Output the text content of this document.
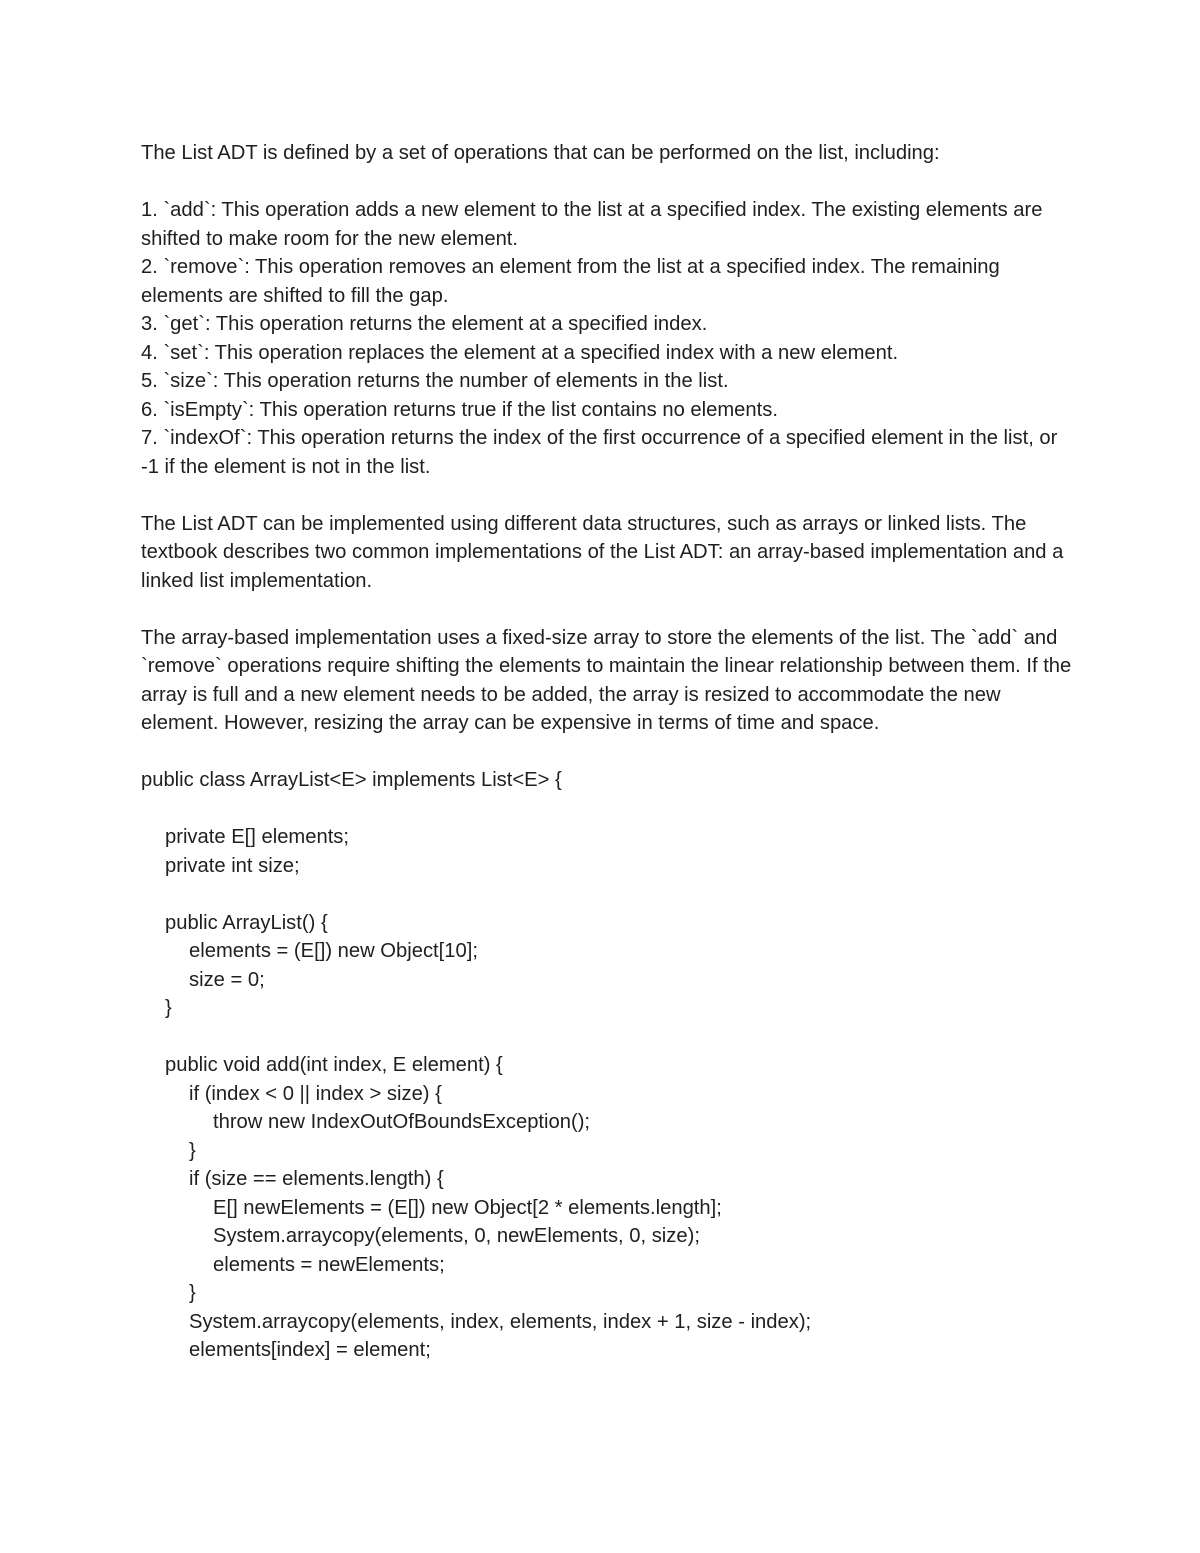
The List ADT is defined by a set of operations that can be performed on the list, including:

1. `add`: This operation adds a new element to the list at a specified index. The existing elements are shifted to make room for the new element.
2. `remove`: This operation removes an element from the list at a specified index. The remaining elements are shifted to fill the gap.
3. `get`: This operation returns the element at a specified index.
4. `set`: This operation replaces the element at a specified index with a new element.
5. `size`: This operation returns the number of elements in the list.
6. `isEmpty`: This operation returns true if the list contains no elements.
7. `indexOf`: This operation returns the index of the first occurrence of a specified element in the list, or -1 if the element is not in the list.

The List ADT can be implemented using different data structures, such as arrays or linked lists. The textbook describes two common implementations of the List ADT: an array-based implementation and a linked list implementation.

The array-based implementation uses a fixed-size array to store the elements of the list. The `add` and `remove` operations require shifting the elements to maintain the linear relationship between them. If the array is full and a new element needs to be added, the array is resized to accommodate the new element. However, resizing the array can be expensive in terms of time and space.

public class ArrayList<E> implements List<E> {
private E[] elements;
private int size;
public ArrayList() {
elements = (E[]) new Object[10];
size = 0;
}
public void add(int index, E element) {
if (index < 0 || index > size) {
throw new IndexOutOfBoundsException();
}
if (size == elements.length) {
E[] newElements = (E[]) new Object[2 * elements.length];
System.arraycopy(elements, 0, newElements, 0, size);
elements = newElements;
}
System.arraycopy(elements, index, elements, index + 1, size - index);
elements[index] = element;
